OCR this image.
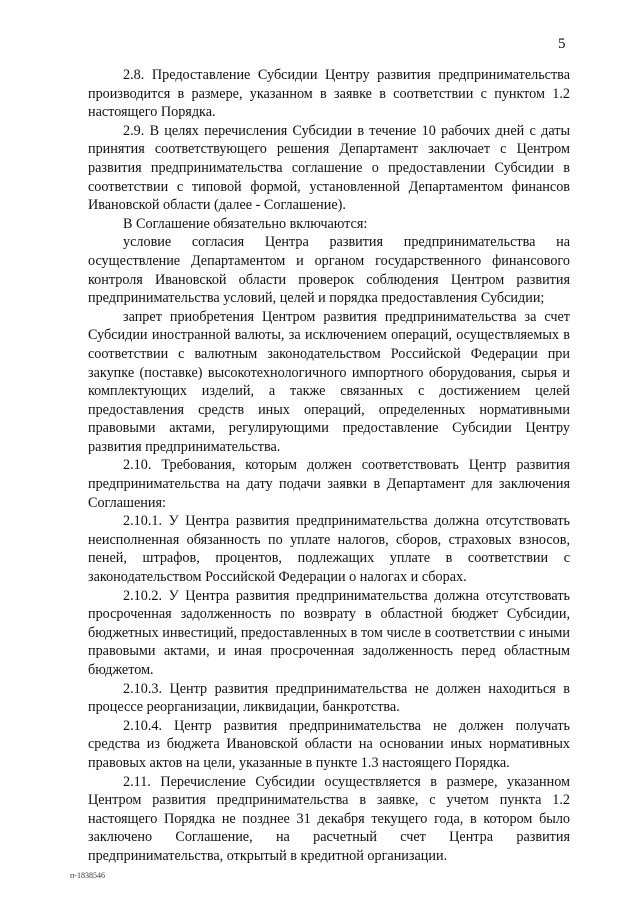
5

2.8. Предоставление Субсидии Центру развития предпринимательства производится в размере, указанном в заявке в соответствии с пунктом 1.2 настоящего Порядка.

2.9. В целях перечисления Субсидии в течение 10 рабочих дней с даты принятия соответствующего решения Департамент заключает с Центром развития предпринимательства соглашение о предоставлении Субсидии в соответствии с типовой формой, установленной Департаментом финансов Ивановской области (далее - Соглашение).

В Соглашение обязательно включаются:

условие согласия Центра развития предпринимательства на осуществление Департаментом и органом государственного финансового контроля Ивановской области проверок соблюдения Центром развития предпринимательства условий, целей и порядка предоставления Субсидии;

запрет приобретения Центром развития предпринимательства за счет Субсидии иностранной валюты, за исключением операций, осуществляемых в соответствии с валютным законодательством Российской Федерации при закупке (поставке) высокотехнологичного импортного оборудования, сырья и комплектующих изделий, а также связанных с достижением целей предоставления средств иных операций, определенных нормативными правовыми актами, регулирующими предоставление Субсидии Центру развития предпринимательства.

2.10. Требования, которым должен соответствовать Центр развития предпринимательства на дату подачи заявки в Департамент для заключения Соглашения:

2.10.1. У Центра развития предпринимательства должна отсутствовать неисполненная обязанность по уплате налогов, сборов, страховых взносов, пеней, штрафов, процентов, подлежащих уплате в соответствии с законодательством Российской Федерации о налогах и сборах.

2.10.2. У Центра развития предпринимательства должна отсутствовать просроченная задолженность по возврату в областной бюджет Субсидии, бюджетных инвестиций, предоставленных в том числе в соответствии с иными правовыми актами, и иная просроченная задолженность перед областным бюджетом.

2.10.3. Центр развития предпринимательства не должен находиться в процессе реорганизации, ликвидации, банкротства.

2.10.4. Центр развития предпринимательства не должен получать средства из бюджета Ивановской области на основании иных нормативных правовых актов на цели, указанные в пункте 1.3 настоящего Порядка.

2.11. Перечисление Субсидии осуществляется в размере, указанном Центром развития предпринимательства в заявке, с учетом пункта 1.2 настоящего Порядка не позднее 31 декабря текущего года, в котором было заключено Соглашение, на расчетный счет Центра развития предпринимательства, открытый в кредитной организации.

п-1838546
